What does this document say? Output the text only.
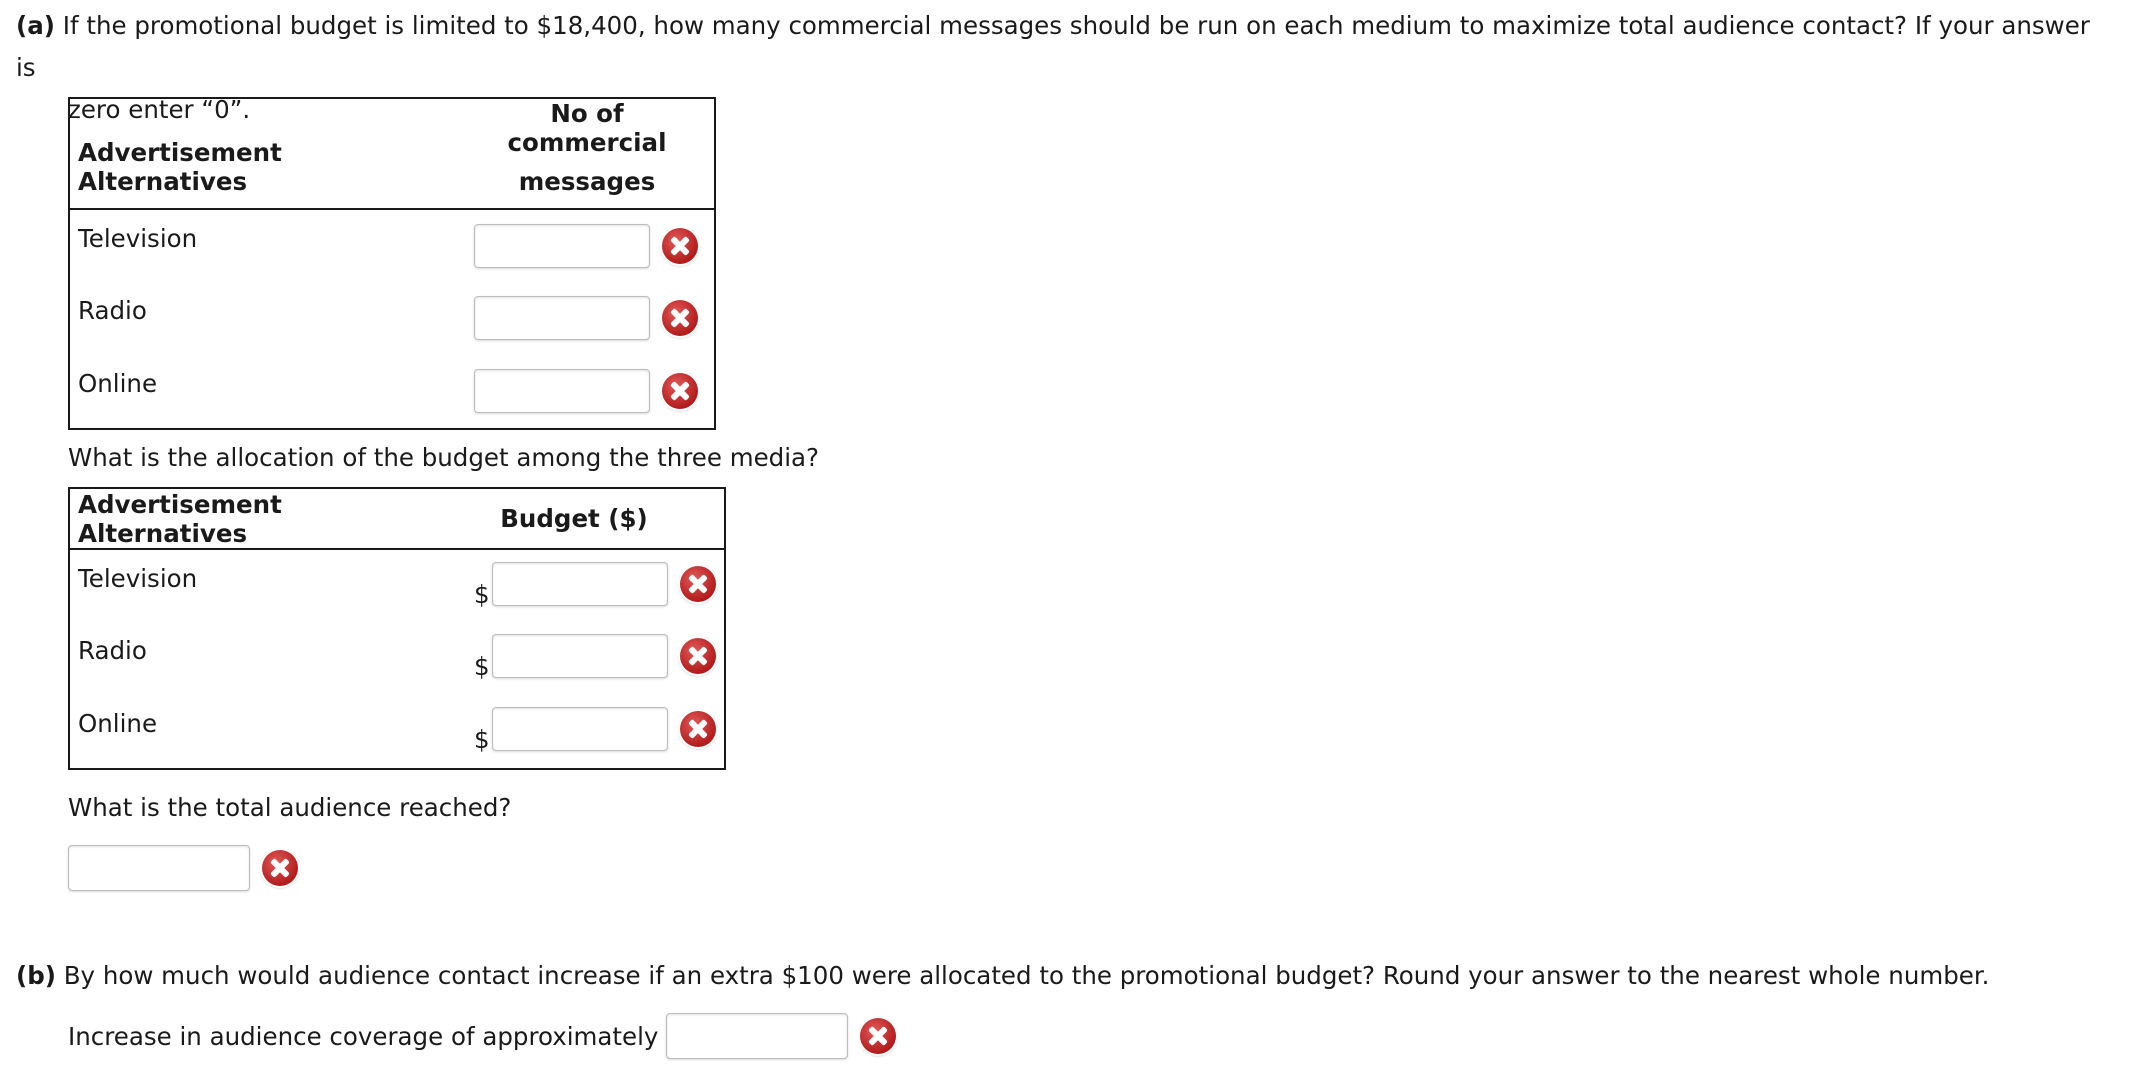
(a) If the promotional budget is limited to $18,400, how many commercial messages should be run on each medium to maximize total audience contact? If your answer is
zero enter “0”.
Advertisement Alternatives	No of commercial
messages

Television	

Radio	

Online	
What is the allocation of the budget among the three media?
Advertisement Alternatives	Budget ($)
Television	$

Radio	$

Online	$
What is the total audience reached?
(b) By how much would audience contact increase if an extra $100 were allocated to the promotional budget? Round your answer to the nearest whole number.
Increase in audience coverage of approximately
